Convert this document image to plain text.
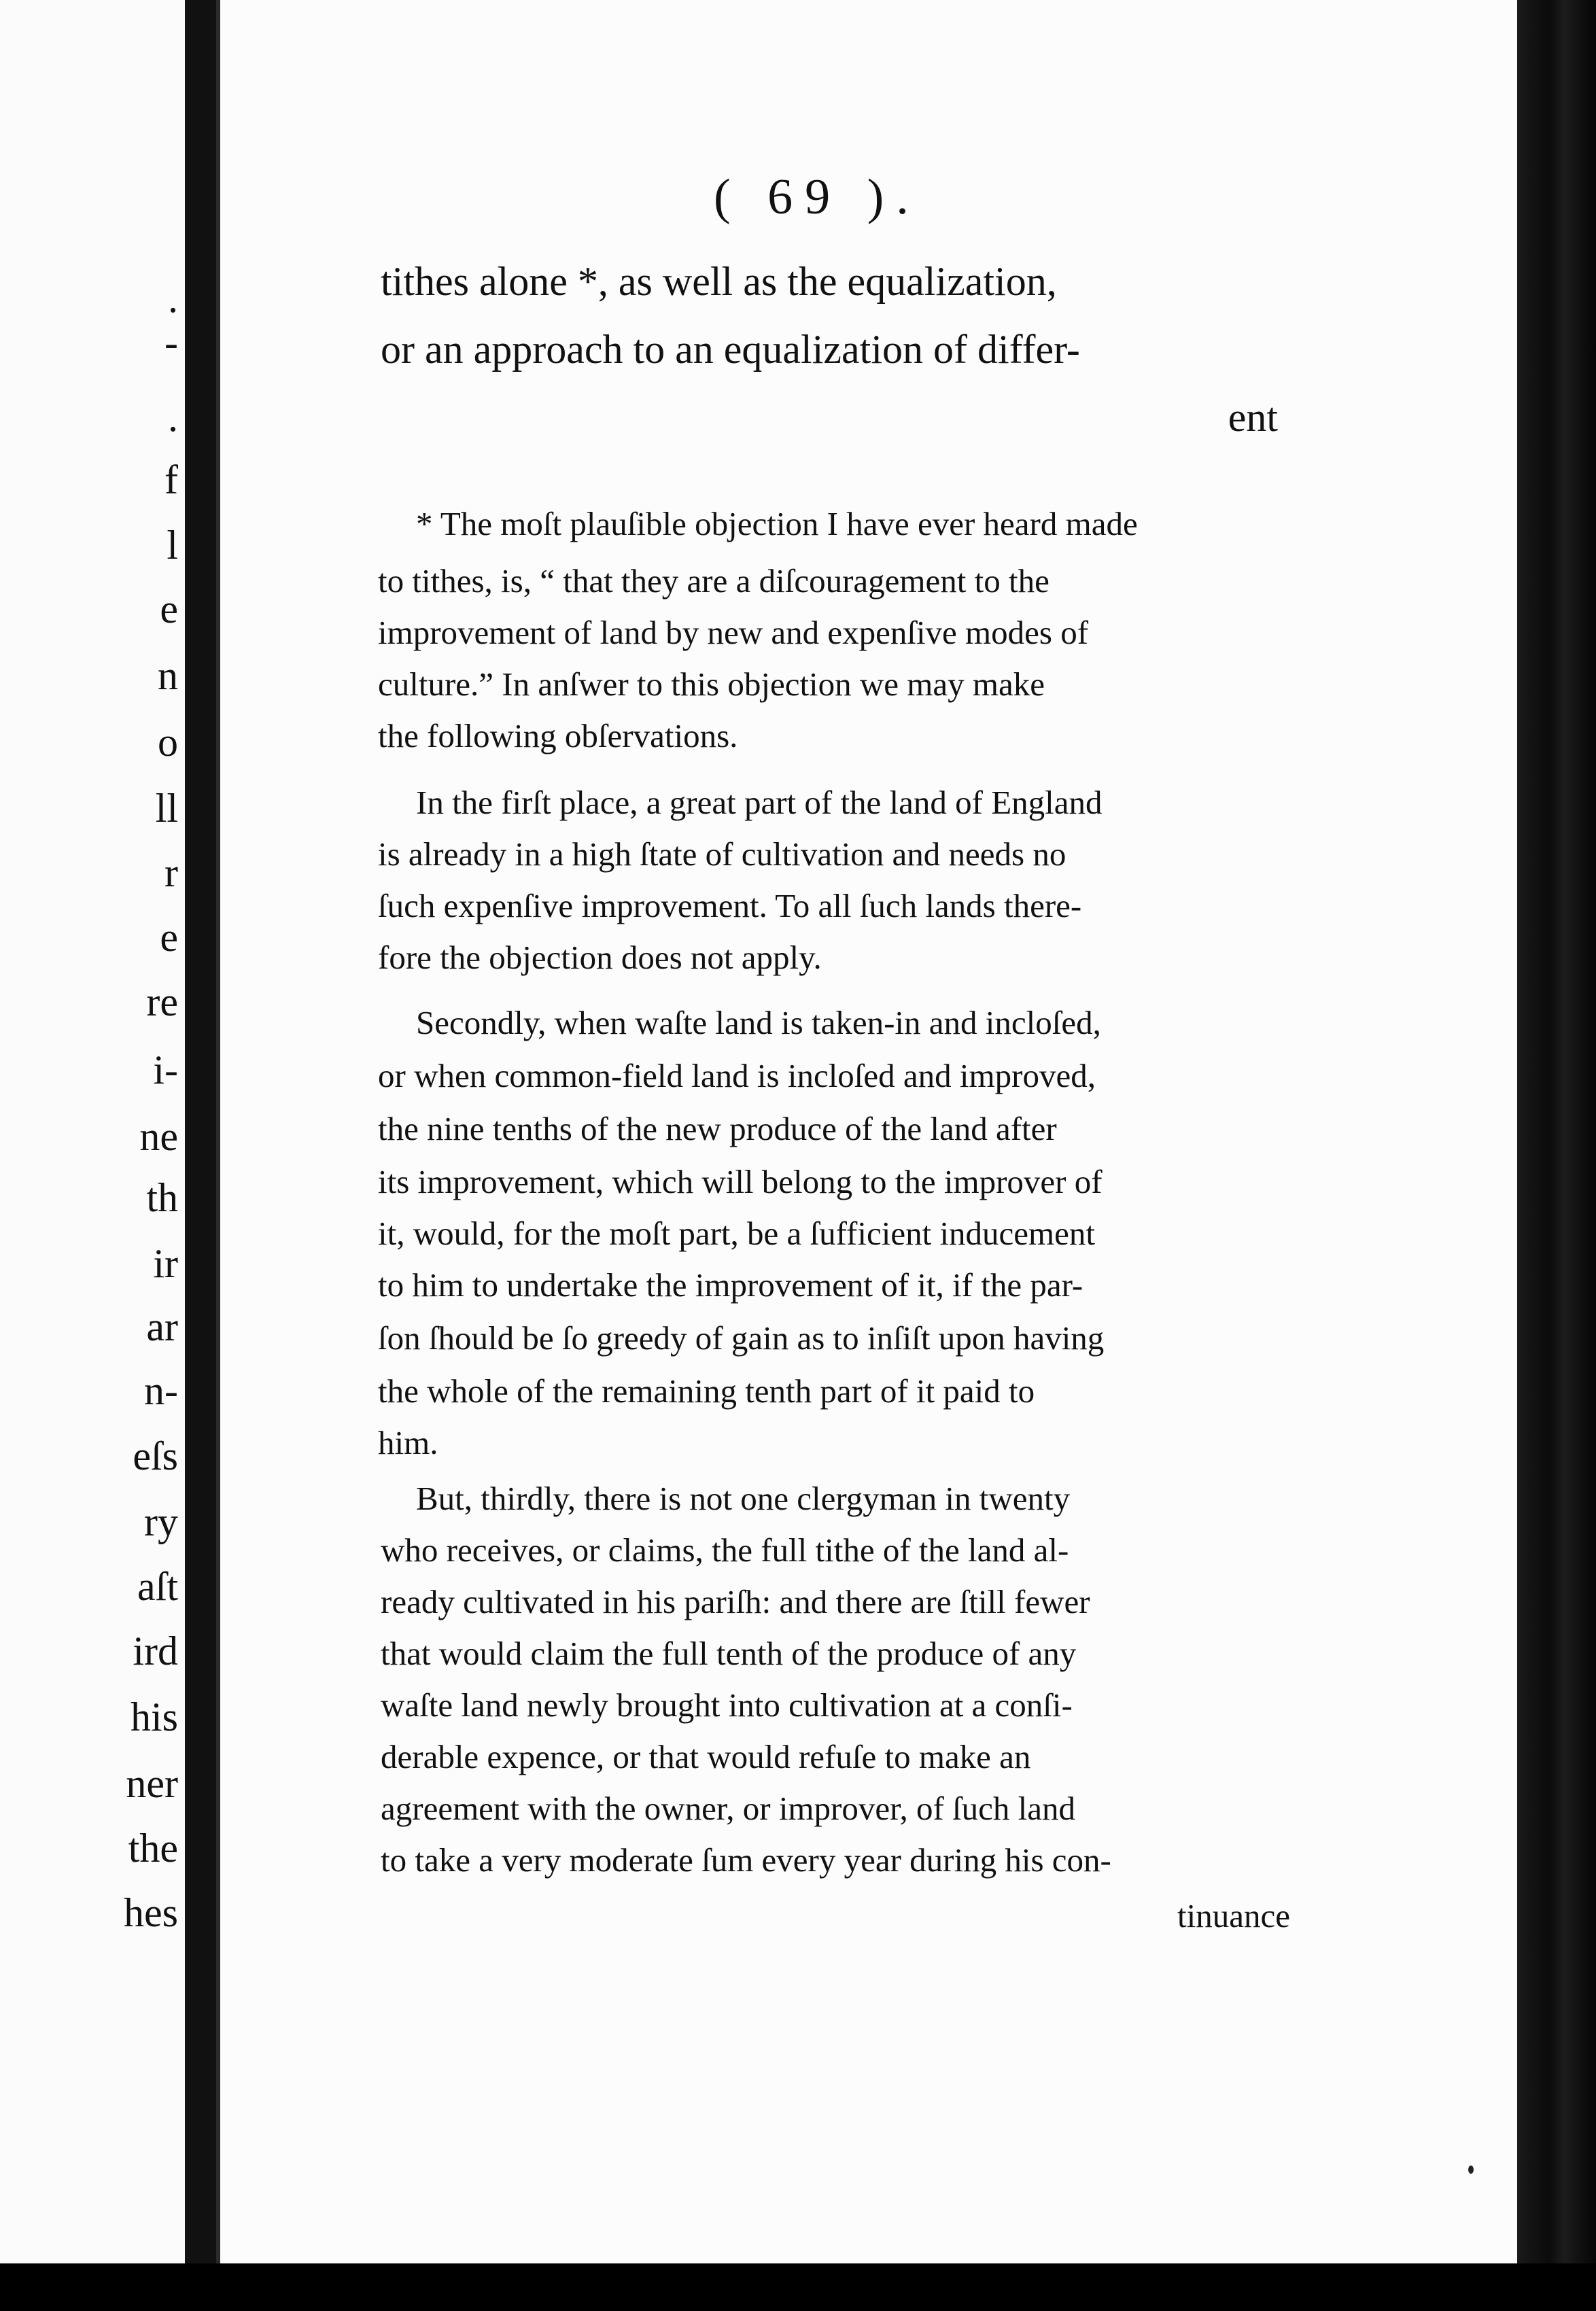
.
-
.
f
l
e
n
o
ll
r
e
re
i-
ne
th
ir
ar
n-
eſs
ry
aſt
ird
his
ner
the
hes
( 69 ).
tithes alone *, as well as the equalization,
or an approach to an equalization of differ-
ent
* The moſt plauſible objection I have ever heard made
to tithes, is, “ that they are a diſcouragement to the
improvement of land by new and expenſive modes of
culture.” In anſwer to this objection we may make
the following obſervations.
In the firſt place, a great part of the land of England
is already in a high ſtate of cultivation and needs no
ſuch expenſive improvement. To all ſuch lands there-
fore the objection does not apply.
Secondly, when waſte land is taken-in and incloſed,
or when common-field land is incloſed and improved,
the nine tenths of the new produce of the land after
its improvement, which will belong to the improver of
it, would, for the moſt part, be a ſufficient inducement
to him to undertake the improvement of it, if the par-
ſon ſhould be ſo greedy of gain as to inſiſt upon having
the whole of the remaining tenth part of it paid to
him.
But, thirdly, there is not one clergyman in twenty
who receives, or claims, the full tithe of the land al-
ready cultivated in his pariſh: and there are ſtill fewer
that would claim the full tenth of the produce of any
waſte land newly brought into cultivation at a conſi-
derable expence, or that would refuſe to make an
agreement with the owner, or improver, of ſuch land
to take a very moderate ſum every year during his con-
tinuance
